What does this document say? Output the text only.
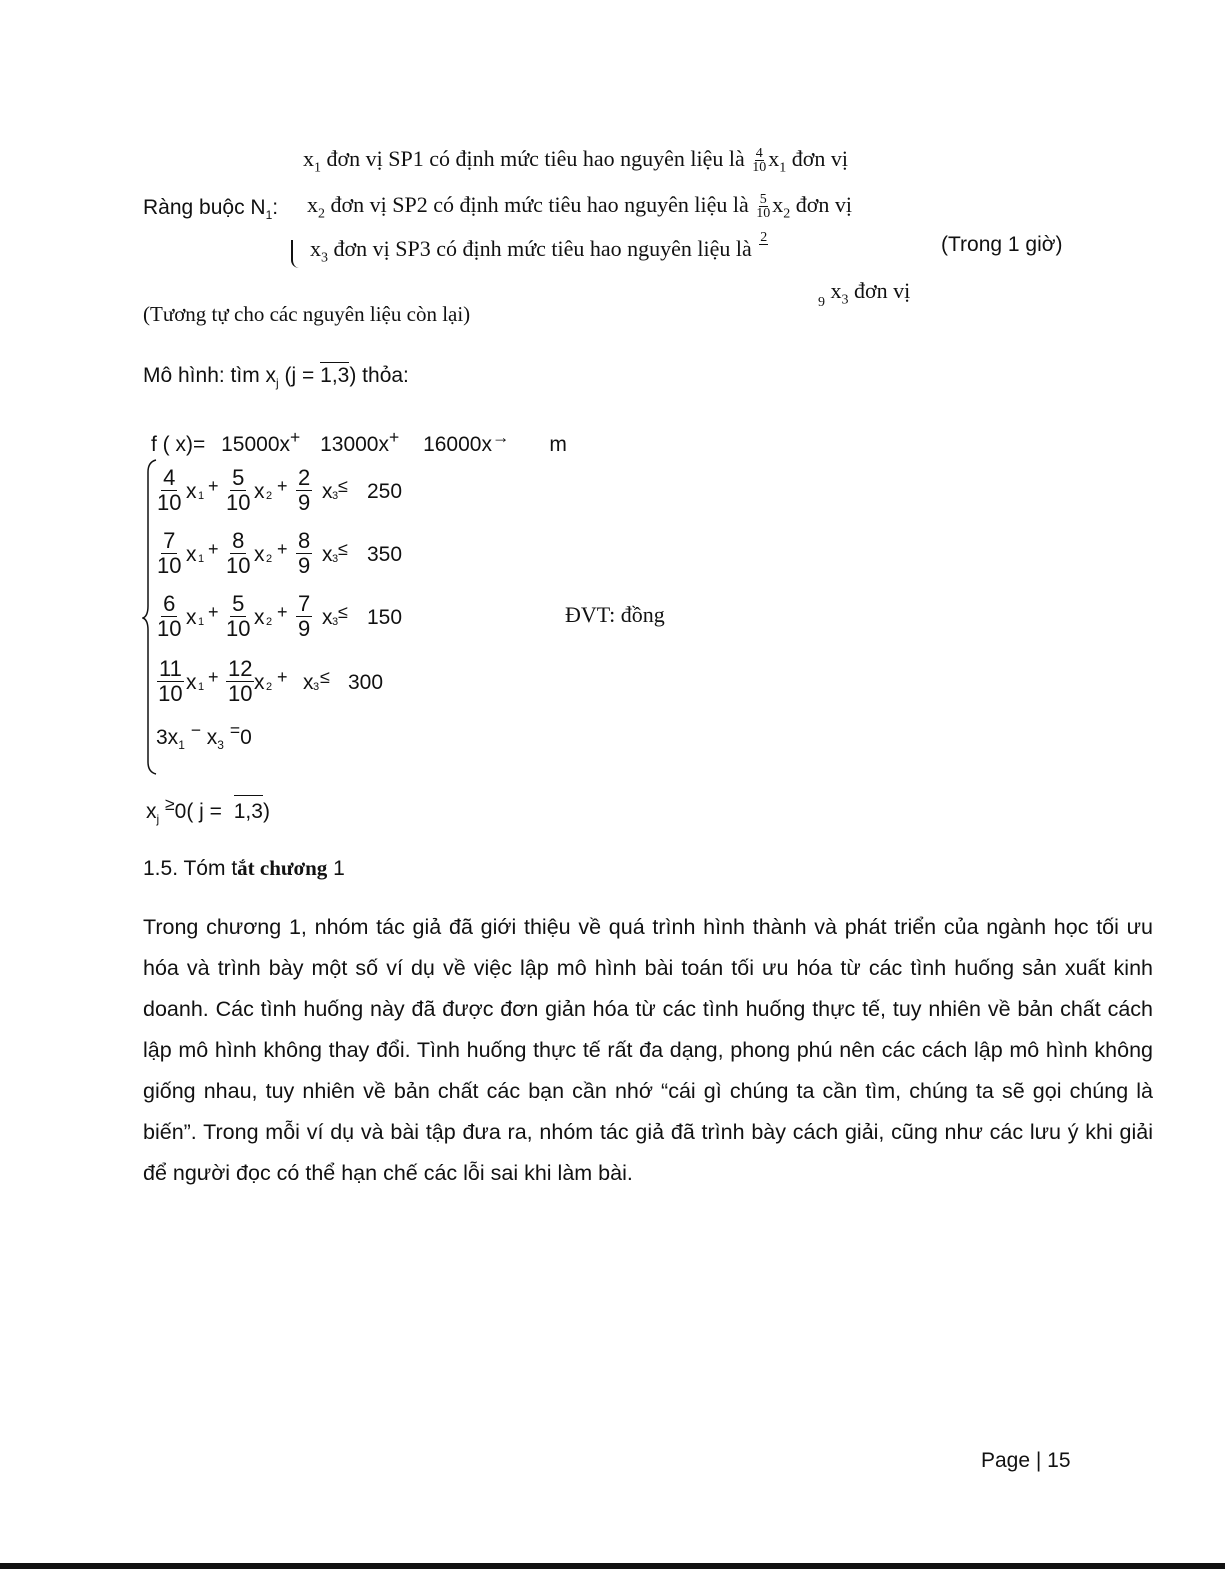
$x_1$ đơn vị SP1 có định mức tiêu hao nguyên liệu là $\frac{4}{10} x_1$ đơn vị
Ràng buộc $N_1$: $x_2$ đơn vị SP2 có định mức tiêu hao nguyên liệu là $\frac{5}{10} x_2$ đơn vị
$x_3$ đơn vị SP3 có định mức tiêu hao nguyên liệu là 2	(Trong 1 giờ)
$_9$ $x_3$ đơn vị
(Tương tự cho các nguyên liệu còn lại)
Mô hình: tìm $x_j$ (j = 1,3) thỏa:
f ( x)= 15000x+ 13000x+ 16000x→ m
$\frac{4}{10}$ x $1 + \frac{5}{10}$ x $2 + \frac{2}{9}$ x 3 ≤ 250
$\frac{7}{10}$ x $1 + \frac{8}{10}$ x $2 + \frac{8}{9}$ x 3 ≤ 350
$\frac{6}{10}$ x $1 + \frac{5}{10}$ x $2 + \frac{7}{9}$ x 3 ≤ 150
$\frac{11}{10}$ x $1 + \frac{12}{10}$ x 2 + x 3 ≤ 300
$3x_1$ − $x_3$ =0
$x_j$ ≥0( j = 1,3)
ĐVT: đồng
1.5. Tóm tắt chương 1
Trong chương 1, nhóm tác giả đã giới thiệu về quá trình hình thành và phát triển của ngành học tối ưu hóa và trình bày một số ví dụ về việc lập mô hình bài toán tối ưu hóa từ các tình huống sản xuất kinh doanh. Các tình huống này đã được đơn giản hóa từ các tình huống thực tế, tuy nhiên về bản chất cách lập mô hình không thay đổi. Tình huống thực tế rất đa dạng, phong phú nên các cách lập mô hình không giống nhau, tuy nhiên về bản chất các bạn cần nhớ “cái gì chúng ta cần tìm, chúng ta sẽ gọi chúng là biến”. Trong mỗi ví dụ và bài tập đưa ra, nhóm tác giả đã trình bày cách giải, cũng như các lưu ý khi giải để người đọc có thể hạn chế các lỗi sai khi làm bài.
Page | 15
